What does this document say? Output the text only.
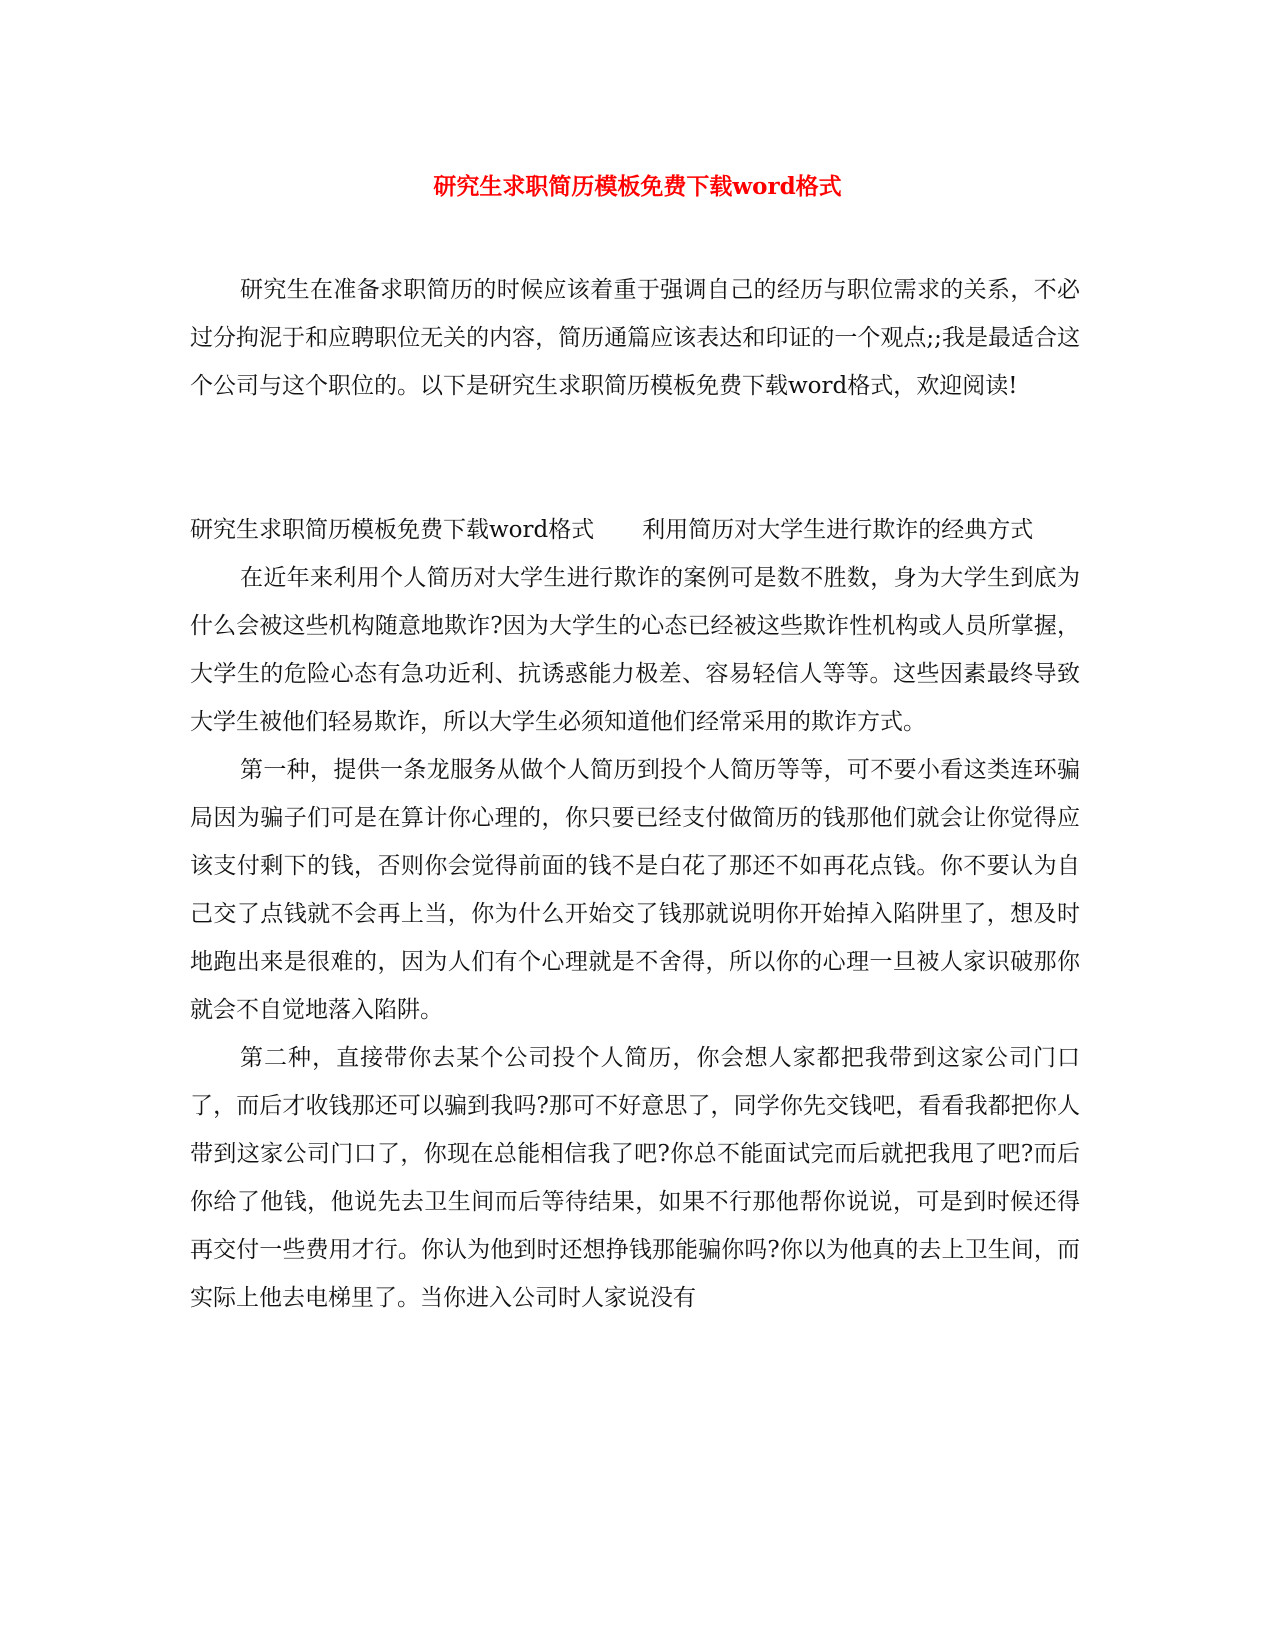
研究生求职简历模板免费下载word格式

研究生在准备求职简历的时候应该着重于强调自己的经历与职位需求的关系，不必过分拘泥于和应聘职位无关的内容，简历通篇应该表达和印证的一个观点;;我是最适合这个公司与这个职位的。以下是研究生求职简历模板免费下载word格式，欢迎阅读!

研究生求职简历模板免费下载word格式 利用简历对大学生进行欺诈的经典方式

在近年来利用个人简历对大学生进行欺诈的案例可是数不胜数，身为大学生到底为什么会被这些机构随意地欺诈?因为大学生的心态已经被这些欺诈性机构或人员所掌握，大学生的危险心态有急功近利、抗诱惑能力极差、容易轻信人等等。这些因素最终导致大学生被他们轻易欺诈，所以大学生必须知道他们经常采用的欺诈方式。

第一种，提供一条龙服务从做个人简历到投个人简历等等，可不要小看这类连环骗局因为骗子们可是在算计你心理的，你只要已经支付做简历的钱那他们就会让你觉得应该支付剩下的钱，否则你会觉得前面的钱不是白花了那还不如再花点钱。你不要认为自己交了点钱就不会再上当，你为什么开始交了钱那就说明你开始掉入陷阱里了，想及时地跑出来是很难的，因为人们有个心理就是不舍得，所以你的心理一旦被人家识破那你就会不自觉地落入陷阱。

第二种，直接带你去某个公司投个人简历，你会想人家都把我带到这家公司门口了，而后才收钱那还可以骗到我吗?那可不好意思了，同学你先交钱吧，看看我都把你人带到这家公司门口了，你现在总能相信我了吧?你总不能面试完而后就把我甩了吧?而后你给了他钱，他说先去卫生间而后等待结果，如果不行那他帮你说说，可是到时候还得再交付一些费用才行。你认为他到时还想挣钱那能骗你吗?你以为他真的去上卫生间，而实际上他去电梯里了。当你进入公司时人家说没有
